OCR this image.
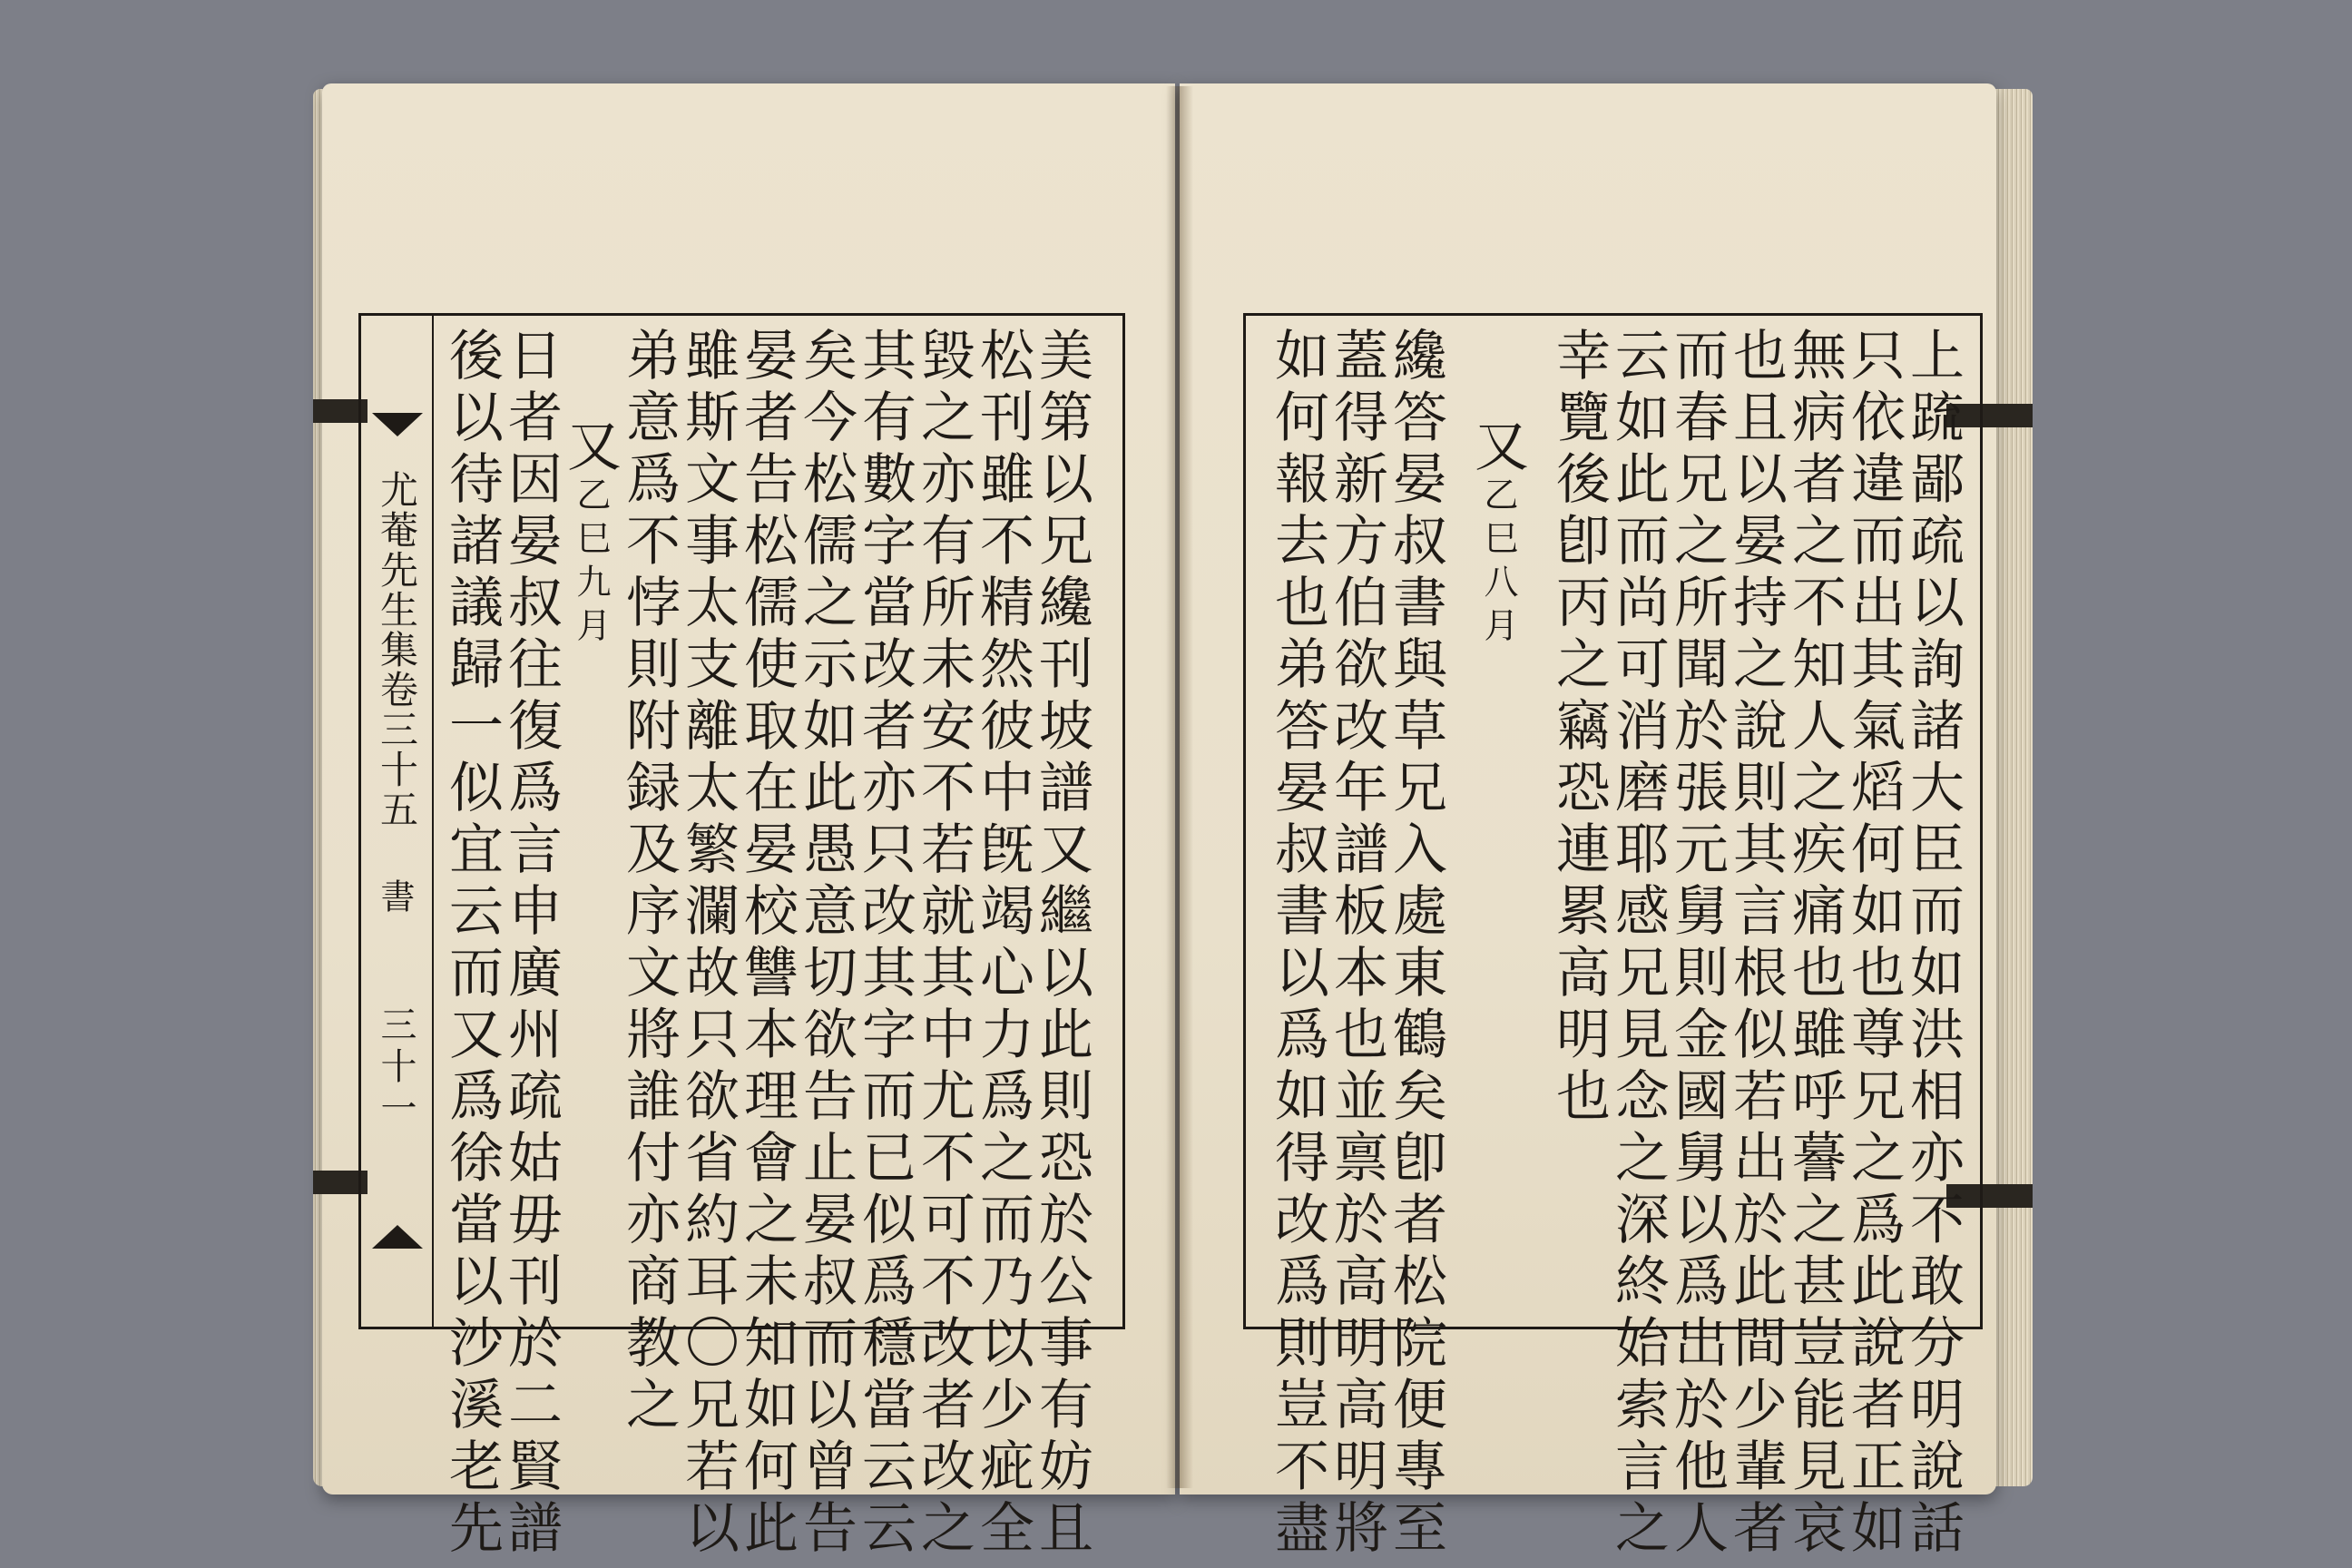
尤菴先生集卷三十五
書
三十一	美第以兄纔刊坡譜又繼以此則恐於公事有妨且
松刊雖不精然彼中旣竭心力爲之而乃以少疵全
毀之亦有所未安不若就其中尤不可不改者改之
其有數字當改者亦只改其字而已似爲穩當云云
矣今松儒之示如此愚意切欲告止晏叔而以曾告
晏者告松儒使取在晏校讐本理會之未知如何此
雖斯文事太支離太繁瀾故只欲省約耳〇兄若以
弟意爲不悖則附録及序文將誰付亦商教之
又
乙巳九月
日者因晏叔往復爲言申廣州疏姑毋刊於二賢譜
後以待諸議歸一似宜云而又爲徐當以沙溪老先	上䟽鄙疏以詢諸大臣而如洪相亦不敢分明說話
只依違而出其氣熖何如也尊兄之爲此說者正如
無病者之不知人之疾痛也雖呼謩之甚豈能見哀
也且以晏持之說則其言根似若出於此間少輩者
而春兄之所聞於張元舅則金國舅以爲出於他人
云如此而尚可消磨耶感兄見念之深終始索言之
幸覽後卽丙之竊恐連累高明也
又
乙巳八月
纔答晏叔書與草兄入處東鶴矣卽者松院便專至
蓋得新方伯欲改年譜板本也並禀於高明高明將
如何報去也弟答晏叔書以爲如得改爲則豈不盡
